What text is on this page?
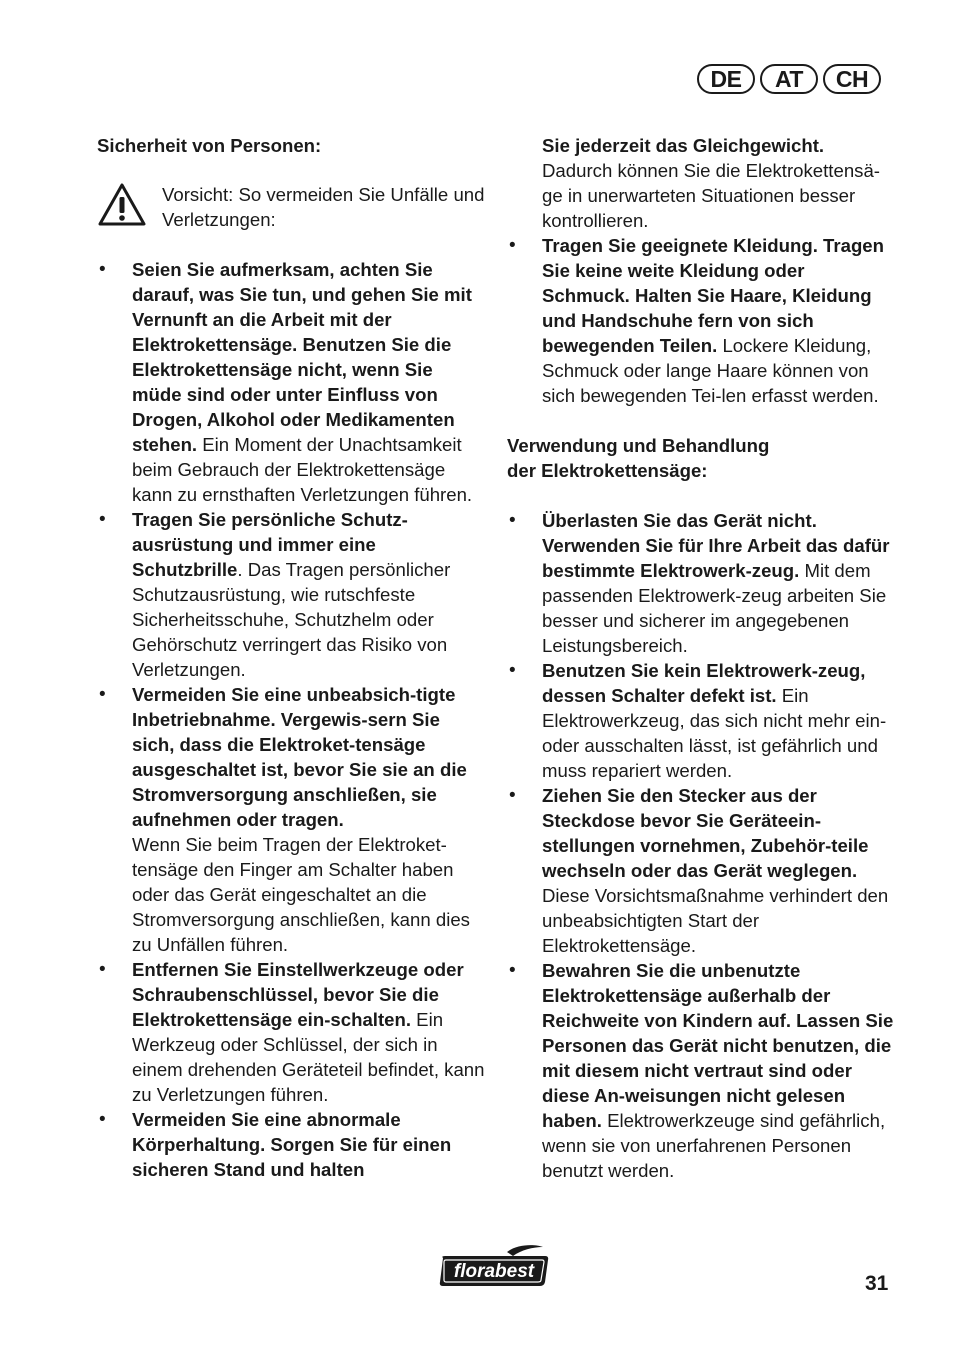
DE	AT	CH

Sicherheit von Personen:

Vorsicht: So vermeiden Sie Unfälle und Verletzungen:

• Seien Sie aufmerksam, achten Sie darauf, was Sie tun, und gehen Sie mit Vernunft an die Arbeit mit der Elektrokettensäge. Benutzen Sie die Elektrokettensäge nicht, wenn Sie müde sind oder unter Einfluss von Drogen, Alkohol oder Medikamenten stehen. Ein Moment der Unachtsamkeit beim Gebrauch der Elektrokettensäge kann zu ernsthaften Verletzungen führen.
• Tragen Sie persönliche Schutz-ausrüstung und immer eine Schutzbrille. Das Tragen persönlicher Schutzausrüstung, wie rutschfeste Sicherheitsschuhe, Schutzhelm oder Gehörschutz verringert das Risiko von Verletzungen.
• Vermeiden Sie eine unbeabsich-tigte Inbetriebnahme. Vergewis-sern Sie sich, dass die Elektroket-tensäge ausgeschaltet ist, bevor Sie sie an die Stromversorgung anschließen, sie aufnehmen oder tragen.
Wenn Sie beim Tragen der Elektroket-tensäge den Finger am Schalter haben oder das Gerät eingeschaltet an die Stromversorgung anschließen, kann dies zu Unfällen führen.
• Entfernen Sie Einstellwerkzeuge oder Schraubenschlüssel, bevor Sie die Elektrokettensäge ein-schalten. Ein Werkzeug oder Schlüssel, der sich in einem drehenden Geräteteil befindet, kann zu Verletzungen führen.
• Vermeiden Sie eine abnormale Körperhaltung. Sorgen Sie für einen sicheren Stand und halten

Sie jederzeit das Gleichgewicht. Dadurch können Sie die Elektrokettensä-ge in unerwarteten Situationen besser kontrollieren.

• Tragen Sie geeignete Kleidung. Tragen Sie keine weite Kleidung oder Schmuck. Halten Sie Haare, Kleidung und Handschuhe fern von sich bewegenden Teilen. Lockere Kleidung, Schmuck oder lange Haare können von sich bewegenden Tei-len erfasst werden.

Verwendung und Behandlung
der Elektrokettensäge:

• Überlasten Sie das Gerät nicht. Verwenden Sie für Ihre Arbeit das dafür bestimmte Elektrowerk-zeug. Mit dem passenden Elektrowerk-zeug arbeiten Sie besser und sicherer im angegebenen Leistungsbereich.
• Benutzen Sie kein Elektrowerk-zeug, dessen Schalter defekt ist. Ein Elektrowerkzeug, das sich nicht mehr ein- oder ausschalten lässt, ist gefährlich und muss repariert werden.
• Ziehen Sie den Stecker aus der Steckdose bevor Sie Geräteein-stellungen vornehmen, Zubehör-teile wechseln oder das Gerät weglegen. Diese Vorsichtsmaßnahme verhindert den unbeabsichtigten Start der Elektrokettensäge.
• Bewahren Sie die unbenutzte Elektrokettensäge außerhalb der Reichweite von Kindern auf. Lassen Sie Personen das Gerät nicht benutzen, die mit diesem nicht vertraut sind oder diese An-weisungen nicht gelesen haben. Elektrowerkzeuge sind gefährlich, wenn sie von unerfahrenen Personen benutzt werden.
florabest
31
